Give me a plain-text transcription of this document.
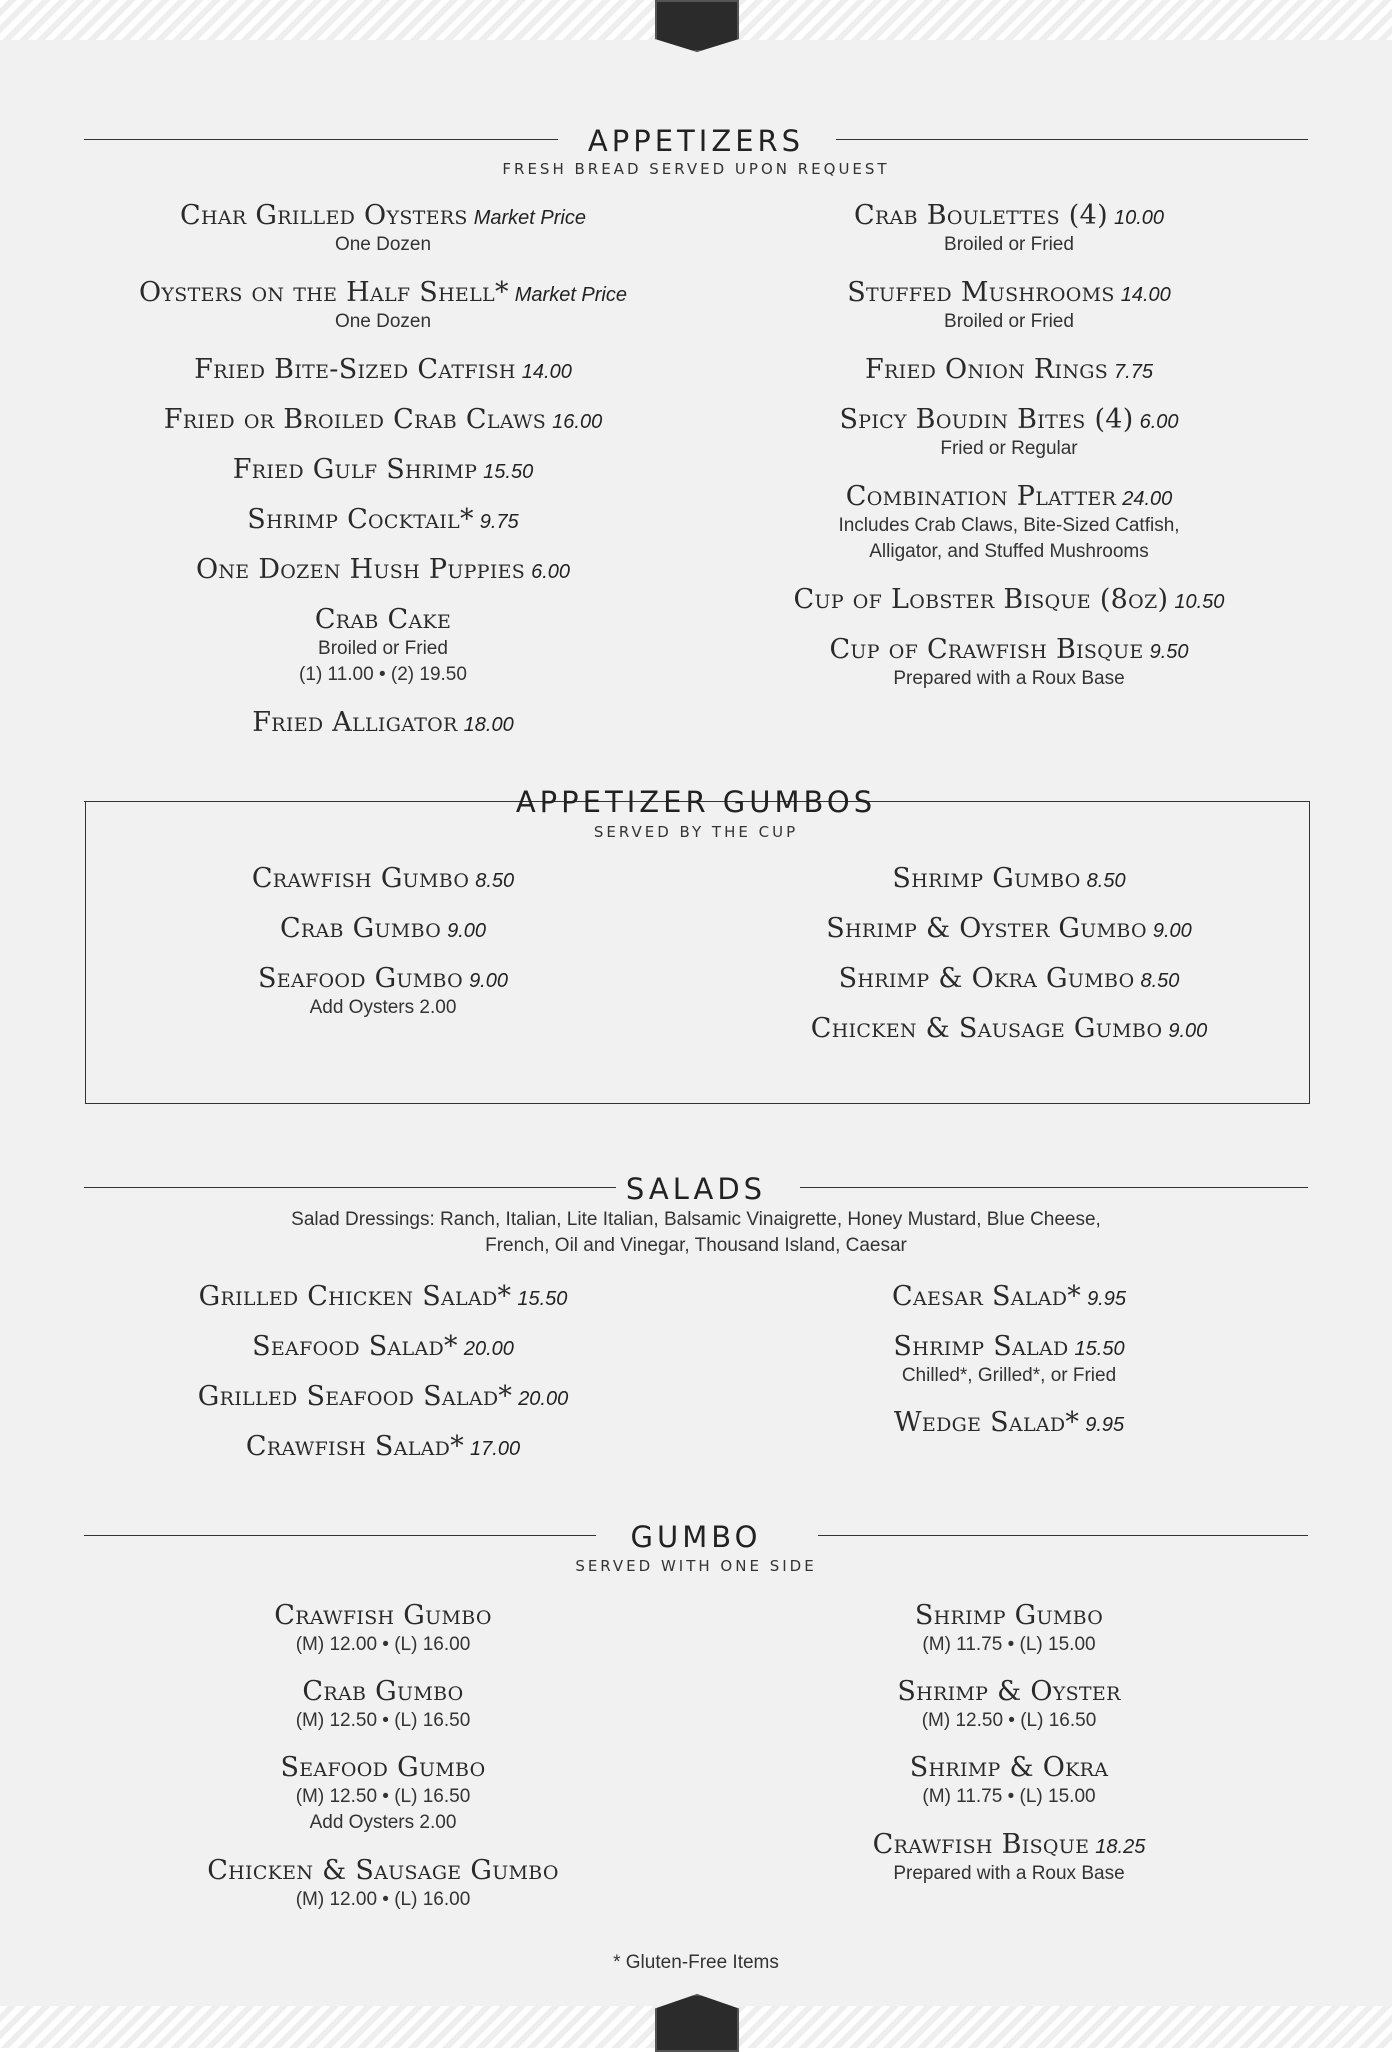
APPETIZERS
FRESH BREAD SERVED UPON REQUEST
APPETIZER GUMBOS
SERVED BY THE CUP
SALADS
Salad Dressings: Ranch, Italian, Lite Italian, Balsamic Vinaigrette, Honey Mustard, Blue Cheese,
French, Oil and Vinegar, Thousand Island, Caesar
GUMBO
SERVED WITH ONE SIDE
Char Grilled Oysters Market Price
One Dozen
Oysters on the Half Shell* Market Price
One Dozen
Fried Bite-Sized Catfish 14.00
Fried or Broiled Crab Claws 16.00
Fried Gulf Shrimp 15.50
Shrimp Cocktail* 9.75
One Dozen Hush Puppies 6.00
Crab Cake
Broiled or Fried
(1) 11.00 • (2) 19.50
Fried Alligator 18.00
Crab Boulettes (4) 10.00
Broiled or Fried
Stuffed Mushrooms 14.00
Broiled or Fried
Fried Onion Rings 7.75
Spicy Boudin Bites (4) 6.00
Fried or Regular
Combination Platter 24.00
Includes Crab Claws, Bite-Sized Catfish,
Alligator, and Stuffed Mushrooms
Cup of Lobster Bisque (8oz) 10.50
Cup of Crawfish Bisque 9.50
Prepared with a Roux Base
Crawfish Gumbo 8.50
Crab Gumbo 9.00
Seafood Gumbo 9.00
Add Oysters 2.00
Shrimp Gumbo 8.50
Shrimp & Oyster Gumbo 9.00
Shrimp & Okra Gumbo 8.50
Chicken & Sausage Gumbo 9.00
Grilled Chicken Salad* 15.50
Seafood Salad* 20.00
Grilled Seafood Salad* 20.00
Crawfish Salad* 17.00
Caesar Salad* 9.95
Shrimp Salad 15.50
Chilled*, Grilled*, or Fried
Wedge Salad* 9.95
Crawfish Gumbo
(M) 12.00 • (L) 16.00
Crab Gumbo
(M) 12.50 • (L) 16.50
Seafood Gumbo
(M) 12.50 • (L) 16.50
Add Oysters 2.00
Chicken & Sausage Gumbo
(M) 12.00 • (L) 16.00
Shrimp Gumbo
(M) 11.75 • (L) 15.00
Shrimp & Oyster
(M) 12.50 • (L) 16.50
Shrimp & Okra
(M) 11.75 • (L) 15.00
Crawfish Bisque 18.25
Prepared with a Roux Base
* Gluten-Free Items
